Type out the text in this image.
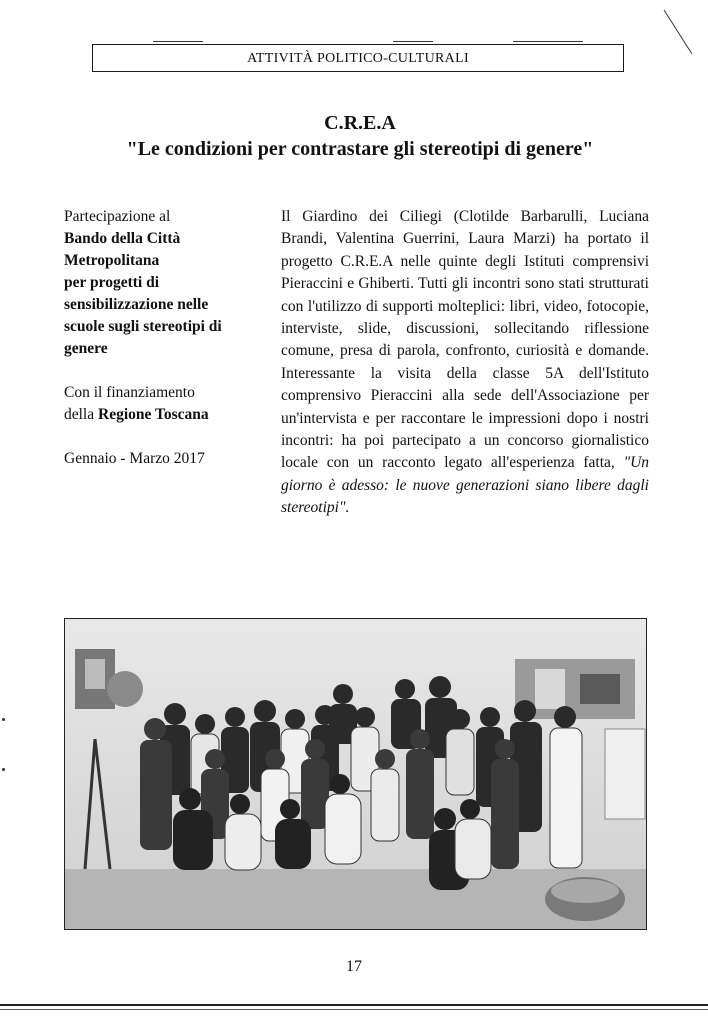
ATTIVITÀ POLITICO-CULTURALI
C.R.E.A
"Le condizioni per contrastare gli stereotipi di genere"

Partecipazione al

Bando della Città

Metropolitana

per progetti di

sensibilizzazione nelle

scuole sugli stereotipi di

genere

Con il finanziamento

della Regione Toscana

Gennaio - Marzo 2017

Il Giardino dei Ciliegi (Clotilde Barbarulli, Luciana Brandi, Valentina Guerrini, Laura Marzi) ha portato il progetto C.R.E.A nelle quinte degli Istituti comprensivi Pieraccini e Ghiberti. Tutti gli incontri sono stati strutturati con l'utilizzo di supporti molteplici: libri, video, fotocopie, interviste, slide, discussioni, sollecitando riflessione comune, presa di parola, confronto, curiosità e domande. Interessante la visita della classe 5A dell'Istituto comprensivo Pieraccini alla sede dell'Associazione per un'intervista e per raccontare le impressioni dopo i nostri incontri: ha poi partecipato a un concorso giornalistico locale con un racconto legato all'esperienza fatta, "Un giorno è adesso: le nuove generazioni siano libere dagli stereotipi".

17
